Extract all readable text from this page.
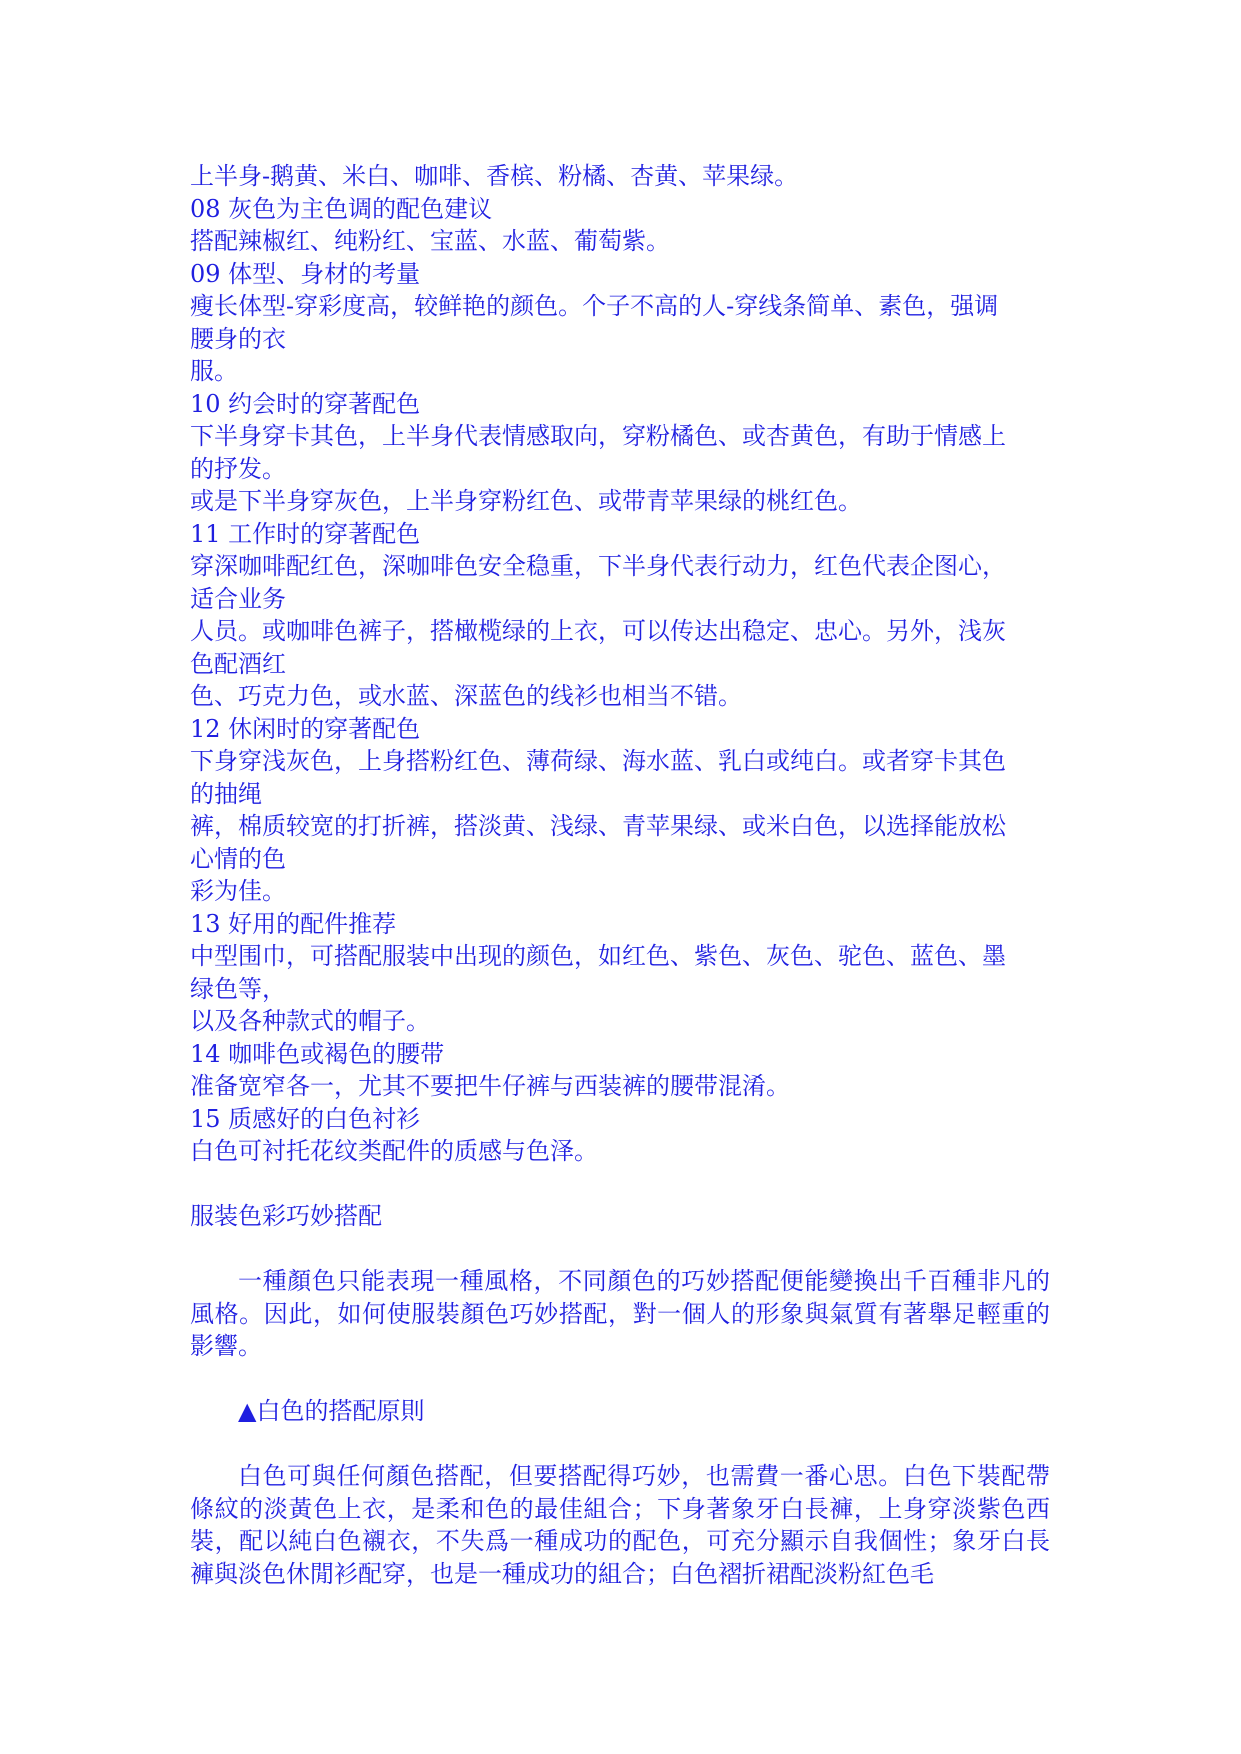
上半身-鹅黄、米白、咖啡、香槟、粉橘、杏黄、苹果绿。
08 灰色为主色调的配色建议
搭配辣椒红、纯粉红、宝蓝、水蓝、葡萄紫。
09 体型、身材的考量
瘦长体型-穿彩度高，较鲜艳的颜色。个子不高的人-穿线条简单、素色，强调
腰身的衣
服。
10 约会时的穿著配色
下半身穿卡其色，上半身代表情感取向，穿粉橘色、或杏黄色，有助于情感上
的抒发。
或是下半身穿灰色，上半身穿粉红色、或带青苹果绿的桃红色。
11 工作时的穿著配色
穿深咖啡配红色，深咖啡色安全稳重，下半身代表行动力，红色代表企图心，
适合业务
人员。或咖啡色裤子，搭橄榄绿的上衣，可以传达出稳定、忠心。另外，浅灰
色配酒红
色、巧克力色，或水蓝、深蓝色的线衫也相当不错。
12 休闲时的穿著配色
下身穿浅灰色，上身搭粉红色、薄荷绿、海水蓝、乳白或纯白。或者穿卡其色
的抽绳
裤，棉质较宽的打折裤，搭淡黄、浅绿、青苹果绿、或米白色，以选择能放松
心情的色
彩为佳。
13 好用的配件推荐
中型围巾，可搭配服装中出现的颜色，如红色、紫色、灰色、驼色、蓝色、墨
绿色等，
以及各种款式的帽子。
14 咖啡色或褐色的腰带
准备宽窄各一，尤其不要把牛仔裤与西装裤的腰带混淆。
15 质感好的白色衬衫
白色可衬托花纹类配件的质感与色泽。
服装色彩巧妙搭配

一種顏色只能表現一種風格，不同顏色的巧妙搭配便能變換出千百種非凡的風格。因此，如何使服裝顏色巧妙搭配，對一個人的形象與氣質有著舉足輕重的影響。

▲白色的搭配原則

白色可與任何顏色搭配，但要搭配得巧妙，也需費一番心思。白色下裝配帶條紋的淡黃色上衣，是柔和色的最佳組合；下身著象牙白長褲，上身穿淡紫色西裝，配以純白色襯衣，不失爲一種成功的配色，可充分顯示自我個性；象牙白長褲與淡色休閒衫配穿，也是一種成功的組合；白色褶折裙配淡粉紅色毛
